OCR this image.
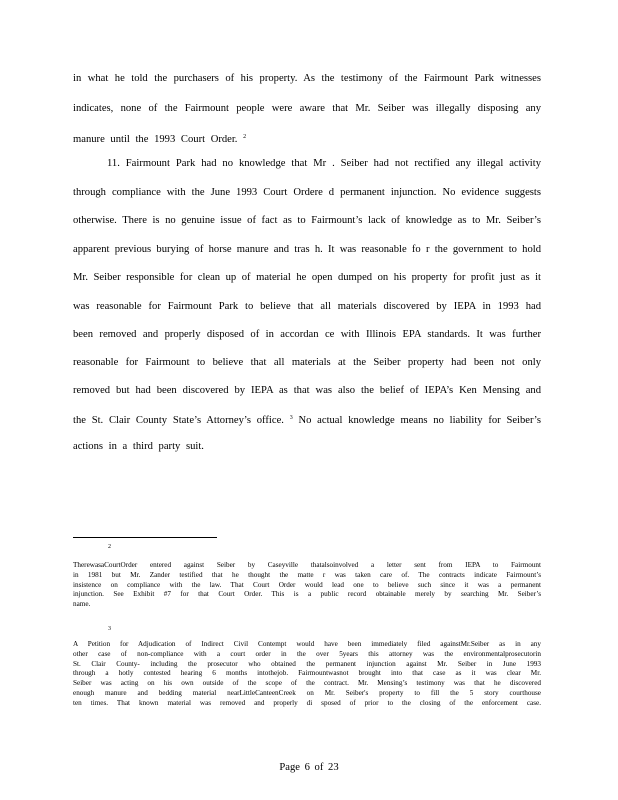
in what he told the purchasers of his property. As the testimony of the Fairmount Park witnesses
indicates, none of the Fairmount people were aware that Mr. Seiber was illegally disposing any
manure until the 1993 Court Order. $^2$
11. Fairmount Park had no knowledge that Mr . Seiber had not rectified any illegal activity
through compliance with the June 1993 Court Ordere d permanent injunction. No evidence suggests
otherwise. There is no genuine issue of fact as to Fairmount’s lack of knowledge as to Mr. Seiber’s
apparent previous burying of horse manure and tras h. It was reasonable fo r the government to hold
Mr. Seiber responsible for clean up of material he open dumped on his property for profit just as it
was reasonable for Fairmount Park to believe that all materials discovered by IEPA in 1993 had
been removed and properly disposed of in accordan ce with Illinois EPA standards. It was further
reasonable for Fairmount to believe that all materials at the Seiber property had been not only
removed but had been discovered by IEPA as that was also the belief of IEPA’s Ken Mensing and
the St. Clair County State’s Attorney’s office. $^3$ No actual knowledge means no liability for Seiber’s
actions in a third party suit.
2
TherewasaCourtOrder entered against Seiber by Caseyville thatalsoinvolved a letter sent from IEPA to Fairmount
in 1981 but Mr. Zander testified that he thought the matte r was taken care of. The contracts indicate Fairmount’s
insistence on compliance with the law. That Court Order would lead one to believe such since it was a permanent
injunction. See Exhibit #7 for that Court Order. This is a public record obtainable merely by searching Mr. Seiber’s
name.
3
A Petition for Adjudication of Indirect Civil Contempt would have been immediately filed againstMr.Seiber as in any
other case of non-compliance with a court order in the over 5years this attorney was the environmentalprosecutorin
St. Clair County- including the prosecutor who obtained the permanent injunction against Mr. Seiber in June 1993
through a hotly contested hearing 6 months intothejob. Fairmountwasnot brought into that case as it was clear Mr.
Seiber was acting on his own outside of the scope of the contract. Mr. Mensing’s testimony was that he discovered
enough manure and bedding material nearLittleCanteenCreek on Mr. Seiber's property to fill the 5 story courthouse
ten times. That known material was removed and properly di sposed of prior to the closing of the enforcement case.
Page 6 of 23
